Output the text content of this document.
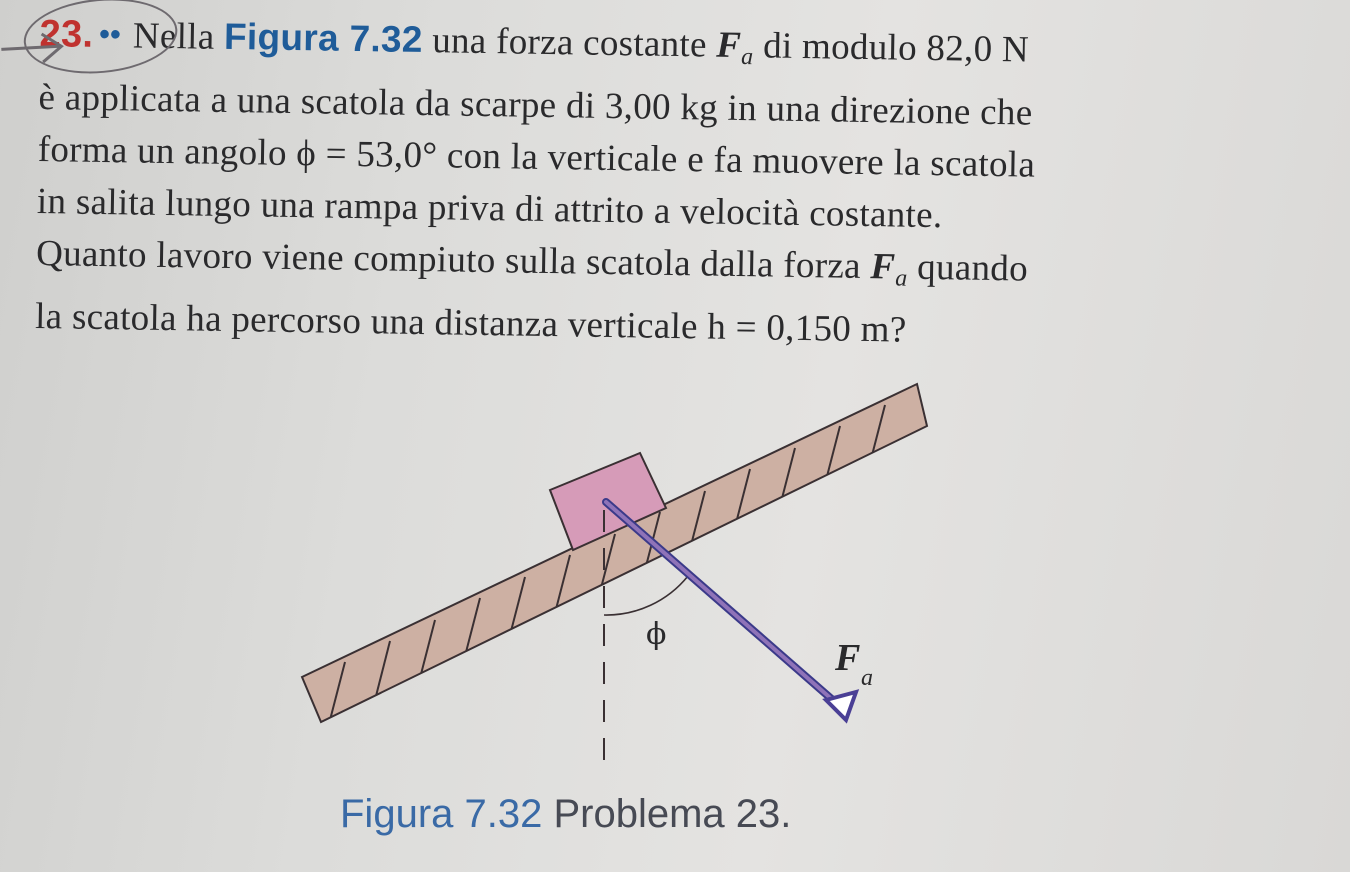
23. •• Nella Figura 7.32 una forza costante $F_a$ di modulo 82,0 N
è applicata a una scatola da scarpe di 3,00 kg in una direzione che
forma un angolo ϕ = 53,0° con la verticale e fa muovere la scatola
in salita lungo una rampa priva di attrito a velocità costante.
Quanto lavoro viene compiuto sulla scatola dalla forza $F_a$ quando
la scatola ha percorso una distanza verticale h = 0,150 m?
ϕ
F a
Figura 7.32 Problema 23.
